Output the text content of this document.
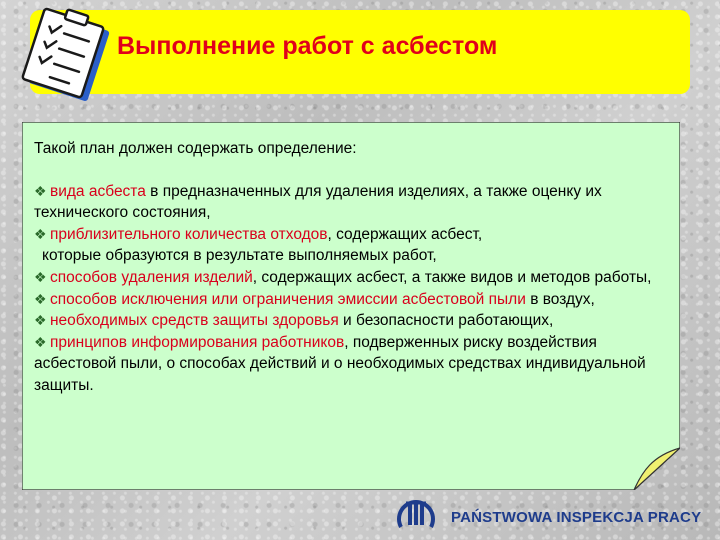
Выполнение работ с асбестом

Такой план должен содержать определение:

❖ вида асбеста в предназначенных для удаления изделиях, а также оценку их технического состояния,

❖ приблизительного количества отходов, содержащих асбест,
которые образуются в результате выполняемых работ,

❖ способов удаления изделий, содержащих асбест, а также видов и методов работы,

❖ способов исключения или ограничения эмиссии асбестовой пыли в воздух,

❖ необходимых средств защиты здоровья и безопасности работающих,

❖ принципов информирования работников, подверженных риску воздействия асбестовой пыли, о способах действий и о необходимых средствах индивидуальной защиты.

PAŃSTWOWA INSPEKCJA PRACY
